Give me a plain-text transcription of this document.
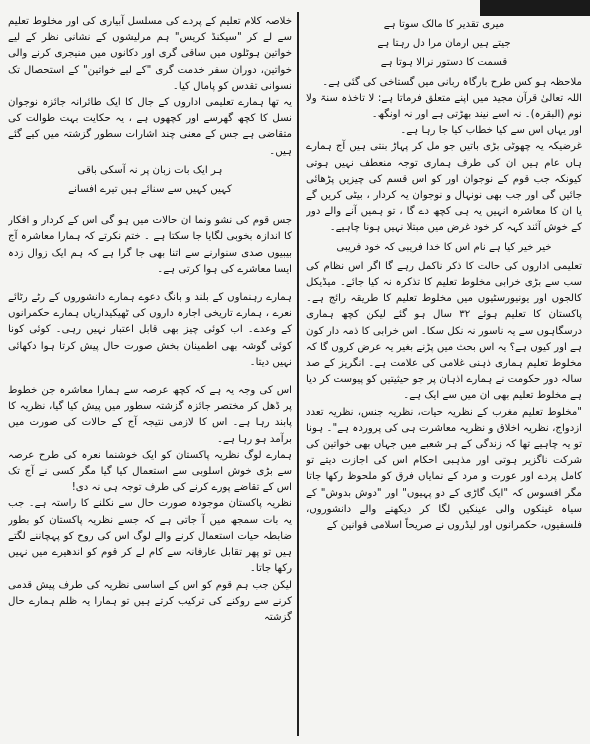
میری تقدیر کا مالک سوتا ہے

جیتے ہیں ارمان مرا دل رہتا ہے

قسمت کا دستور نرالا ہوتا ہے

ملاحظہ ہو کس طرح بارگاہ ربانی میں گستاخی کی گئی ہے۔

اللہ تعالیٰ قرآن مجید میں اپنے متعلق فرماتا ہے: لا تاخذہ سنۃ ولا نوم (البقرہ)۔ نہ اسے نیند بھڑتی ہے اور نہ اونگھ۔

اور یہاں اس سے کیا خطاب کیا جا رہا ہے۔

غرضیکہ یہ چھوٹی بڑی باتیں جو مل کر پہاڑ بنتی ہیں آج ہمارے ہاں عام ہیں ان کی طرف ہماری توجہ منعطف نہیں ہوتی کیونکہ جب قوم کے نوجوان اور کو اس قسم کی چیزیں پڑھائی جائیں گی اور جب بھی نونہال و نوجوان یہ کردار ، بیٹی کریں گے یا ان کا معاشرہ انہیں یہ ہی کچھ دے گا ، تو ہمیں آنے والے دور کے خوش آئند کہہ کر خود غرض میں مبتلا نہیں ہونا چاہیے۔

خیر خیر کیا ہے نام اس کا خدا فریبی کہ خود فریبی

تعلیمی اداروں کی حالت کا ذکر ناکمل رہے گا اگر اس نظام کی سب سے بڑی خرابی مخلوط تعلیم کا تذکرہ نہ کیا جائے۔ میڈیکل کالجوں اور یونیورسٹیوں میں مخلوط تعلیم کا طریقہ رائج ہے۔ پاکستان کا تعلیم ہوئے ۳۲ سال ہو گئے لیکن کچھ ہماری درسگاہوں سے یہ ناسور نہ نکل سکا۔ اس خرابی کا ذمہ دار کون ہے اور کیوں ہے؟ یہ اس بحث میں پڑنے بغیر یہ عرض کروں گا کہ مخلوط تعلیم ہماری ذہنی غلامی کی علامت ہے۔ انگریز کے صد سالہ دور حکومت نے ہمارے اذہان پر جو حیثیتیں کو پیوست کر دیا ہے مخلوط تعلیم بھی ان میں سے ایک ہے۔

"مخلوط تعلیم مغرب کے نظریہ حیات، نظریہ جنس، نظریہ تعدد ازدواج، نظریہ اخلاق و نظریہ معاشرت ہی کی پروردہ ہے"۔ ہونا تو یہ چاہیے تھا کہ زندگی کے ہر شعبے میں جہاں بھی خواتین کی شرکت ناگزیر ہوتی اور مذہبی احکام اس کی اجازت دیتے تو کامل پردے اور عورت و مرد کے نمایاں فرق کو ملحوظ رکھا جاتا مگر افسوس کہ "ایک گاڑی کے دو پہیوں" اور "دوش بدوش" کے سیاہ غینکوں والی عینکیں لگا کر دیکھنے والے دانشوروں، فلسفیوں، حکمرانوں اور لیڈروں نے صریحاً اسلامی قوانین کے

خلاصہ کلام تعلیم کے پردے کی مسلسل آبیاری کی اور مخلوط تعلیم سے لے کر "سیکنڈ کریس" ہم مرلیشوں کے نشانی نظر کے لیے خواتین ہوٹلوں میں ساقی گری اور دکانوں میں منیجری کرنے والی خواتین، دوران سفر خدمت گری "کے لیے خواتین" کے استحصال تک نسوانی تقدس کو پامال کیا۔

یہ تھا ہمارے تعلیمی اداروں کے جال کا ایک طائرانہ جائزہ نوجوان نسل کا کچھ گھرسے اور کچھوں ہے ، یہ حکایت بہت طوالت کی متقاضی ہے جس کے معنی چند اشارات سطور گزشتہ میں کیے گئے ہیں۔

ہر ایک بات زبان پر نہ آسکی باقی

کہیں کہیں سے سنائے ہیں تیرے افسانے

جس قوم کی نشو ونما ان حالات میں ہو گی اس کے کردار و افکار کا اندازہ بخوبی لگایا جا سکتا ہے ۔ ختم نکرتے کہ ہمارا معاشرہ آج بیبیوں صدی سنوارنے سے اتنا بھی جا گرا ہے کہ ہم ایک زوال زدہ ایسا معاشرے کی ہوا کرتی ہے۔

ہمارے رہنماوں کے بلند و بانگ دعوے ہمارے دانشوروں کے رٹے رٹائے نعرے ، ہمارے تاریخی اجارہ داروں کی ٹھیکیداریاں ہمارے حکمرانوں کے وعدے۔ اب کوئی چیز بھی قابل اعتبار نہیں رہی۔ کوئی کونا کوئی گوشہ بھی اطمینان بخش صورت حال پیش کرتا ہوا دکھائی نہیں دیتا۔

اس کی وجہ یہ ہے کہ کچھ عرصہ سے ہمارا معاشرہ جن خطوط پر ڈھل کر مختصر جائزہ گزشتہ سطور میں پیش کیا گیا، نظریہ کا پابند رہا ہے۔ اس کا لازمی نتیجہ آج کے حالات کی صورت میں برآمد ہو رہا ہے۔

ہمارے لوگ نظریہ پاکستان کو ایک خوشنما نعرہ کی طرح عرصہ سے بڑی خوش اسلوبی سے استعمال کیا گیا مگر کسی نے آج تک اس کے تقاضے پورے کرنے کی طرف توجہ ہی نہ دی!

نظریہ پاکستان موجودہ صورت حال سے نکلنے کا راستہ ہے۔ جب یہ بات سمجھ میں آ جاتی ہے کہ جسے نظریہ پاکستان کو بطور ضابطہ حیات استعمال کرنے والے لوگ اس کی روح کو پہچاننے لگتے ہیں تو پھر تقابل عارفانہ سے کام لے کر قوم کو اندھیرے میں نہیں رکھا جاتا۔

لیکن جب ہم قوم کو اس کے اساسی نظریہ کی طرف پیش قدمی کرنے سے روکنے کی ترکیب کرتے ہیں تو ہمارا یہ ظلم ہمارے حال گزشتہ
